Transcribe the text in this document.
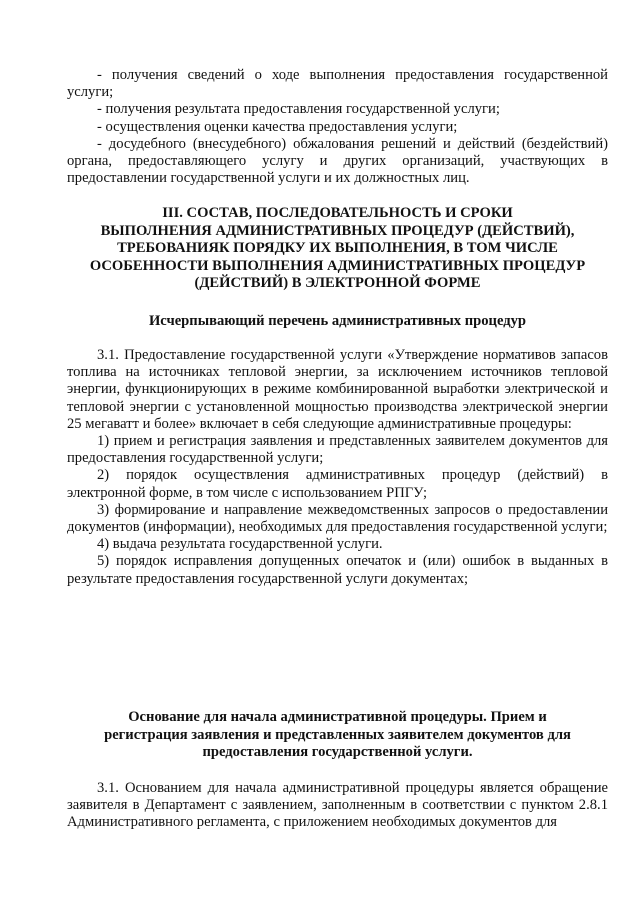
- получения сведений о ходе выполнения предоставления государственной услуги;

- получения результата предоставления государственной услуги;

- осуществления оценки качества предоставления услуги;

- досудебного (внесудебного) обжалования решений и действий (бездействий) органа, предоставляющего услугу и других организаций, участвующих в предоставлении государственной услуги и их должностных лиц.

III. СОСТАВ, ПОСЛЕДОВАТЕЛЬНОСТЬ И СРОКИ
ВЫПОЛНЕНИЯ АДМИНИСТРАТИВНЫХ ПРОЦЕДУР (ДЕЙСТВИЙ),
ТРЕБОВАНИЯК ПОРЯДКУ ИХ ВЫПОЛНЕНИЯ, В ТОМ ЧИСЛЕ
ОСОБЕННОСТИ ВЫПОЛНЕНИЯ АДМИНИСТРАТИВНЫХ ПРОЦЕДУР
(ДЕЙСТВИЙ) В ЭЛЕКТРОННОЙ ФОРМЕ
Исчерпывающий перечень административных процедур

3.1. Предоставление государственной услуги «Утверждение нормативов запасов топлива на источниках тепловой энергии, за исключением источников тепловой энергии, функционирующих в режиме комбинированной выработки электрической и тепловой энергии с установленной мощностью производства электрической энергии 25 мегаватт и более» включает в себя следующие административные процедуры:

1) прием и регистрация заявления и представленных заявителем документов для предоставления государственной услуги;

2) порядок осуществления административных процедур (действий) в электронной форме, в том числе с использованием РПГУ;

3) формирование и направление межведомственных запросов о предоставлении документов (информации), необходимых для предоставления государственной услуги;

4) выдача результата государственной услуги.

5) порядок исправления допущенных опечаток и (или) ошибок в выданных в результате предоставления государственной услуги документах;

Основание для начала административной процедуры. Прием и
регистрация заявления и представленных заявителем документов для
предоставления государственной услуги.

3.1. Основанием для начала административной процедуры является обращение заявителя в Департамент с заявлением, заполненным в соответствии с пунктом 2.8.1 Административного регламента, с приложением необходимых документов для
